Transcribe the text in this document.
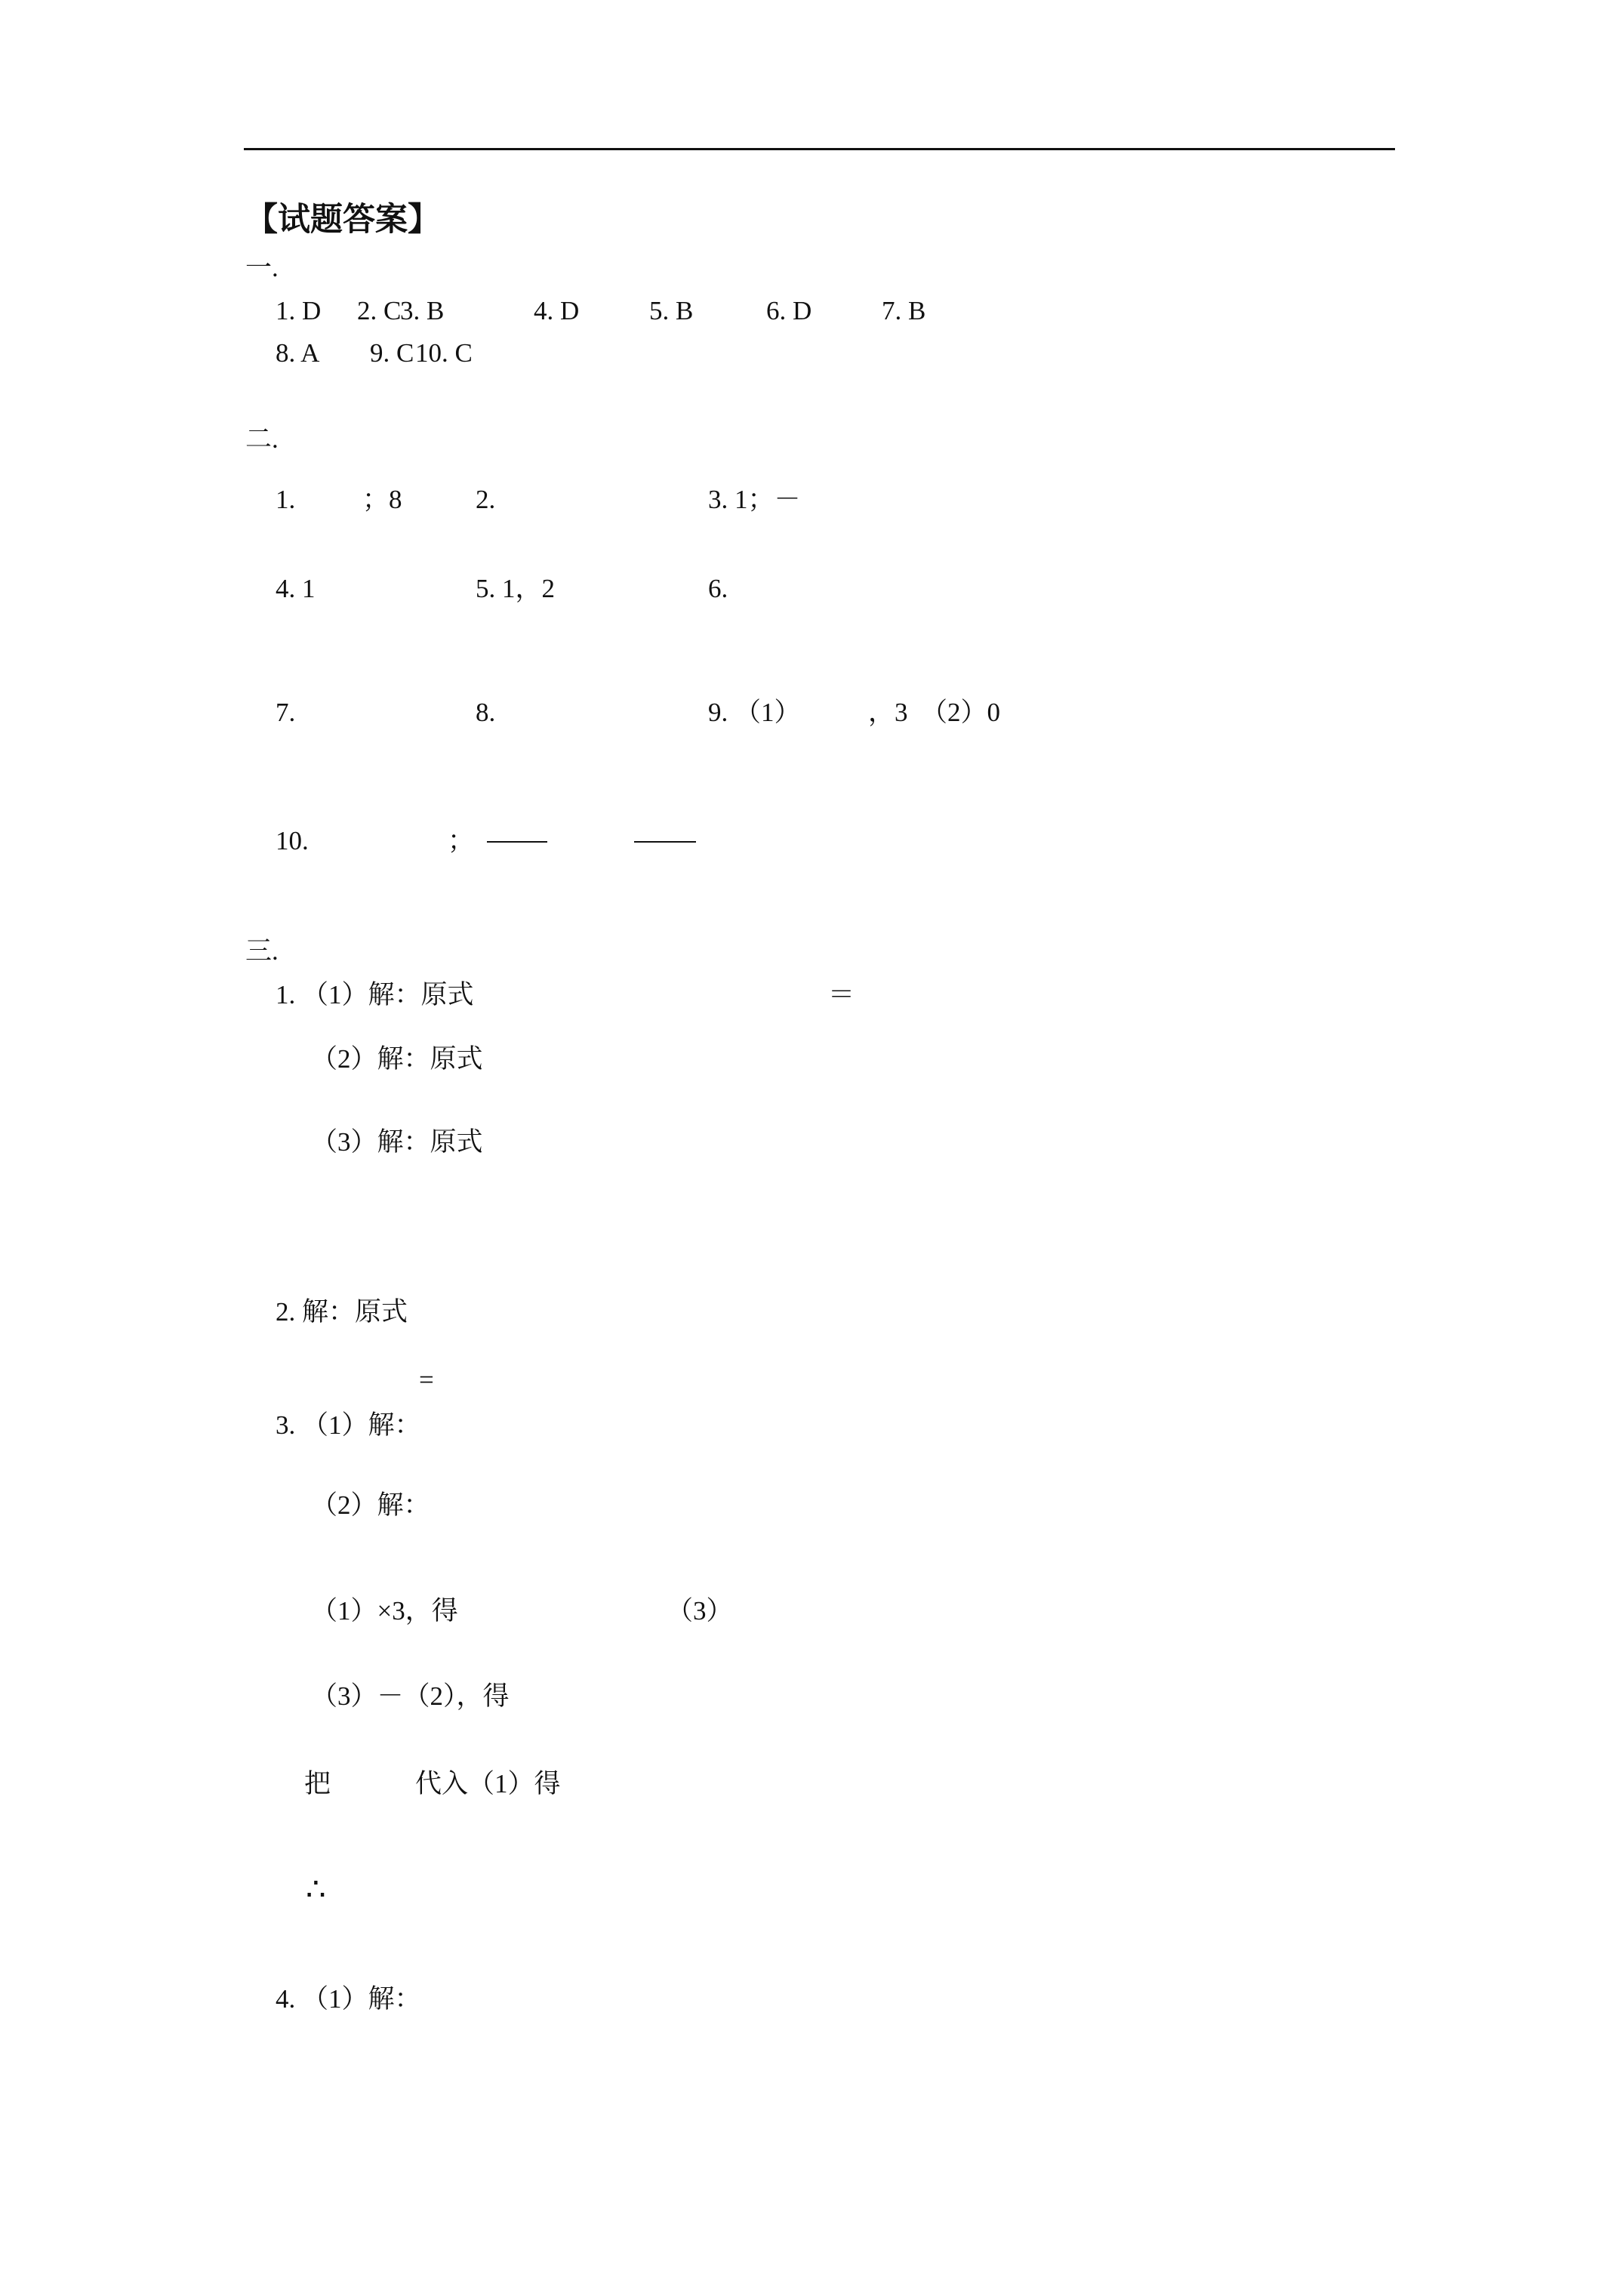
【试题答案】
一.
1. D 2. C
3. B	4. D	5. B	6. D	7. B
8. A 9. C 10. C
二.
1.	；8	2.	3. 1；－
4. 1	5. 1，2	6.
7.	8.	9. （1）	，3　（2）0
10.	；
三.
1. （1）解：原式	＝
（2）解：原式
（3）解：原式
2. 解：原式
=
3. （1）解：
（2）解：
（1）×3，得	（3）
（3）－（2），得
把	代入（1）得
∴
4. （1）解：
